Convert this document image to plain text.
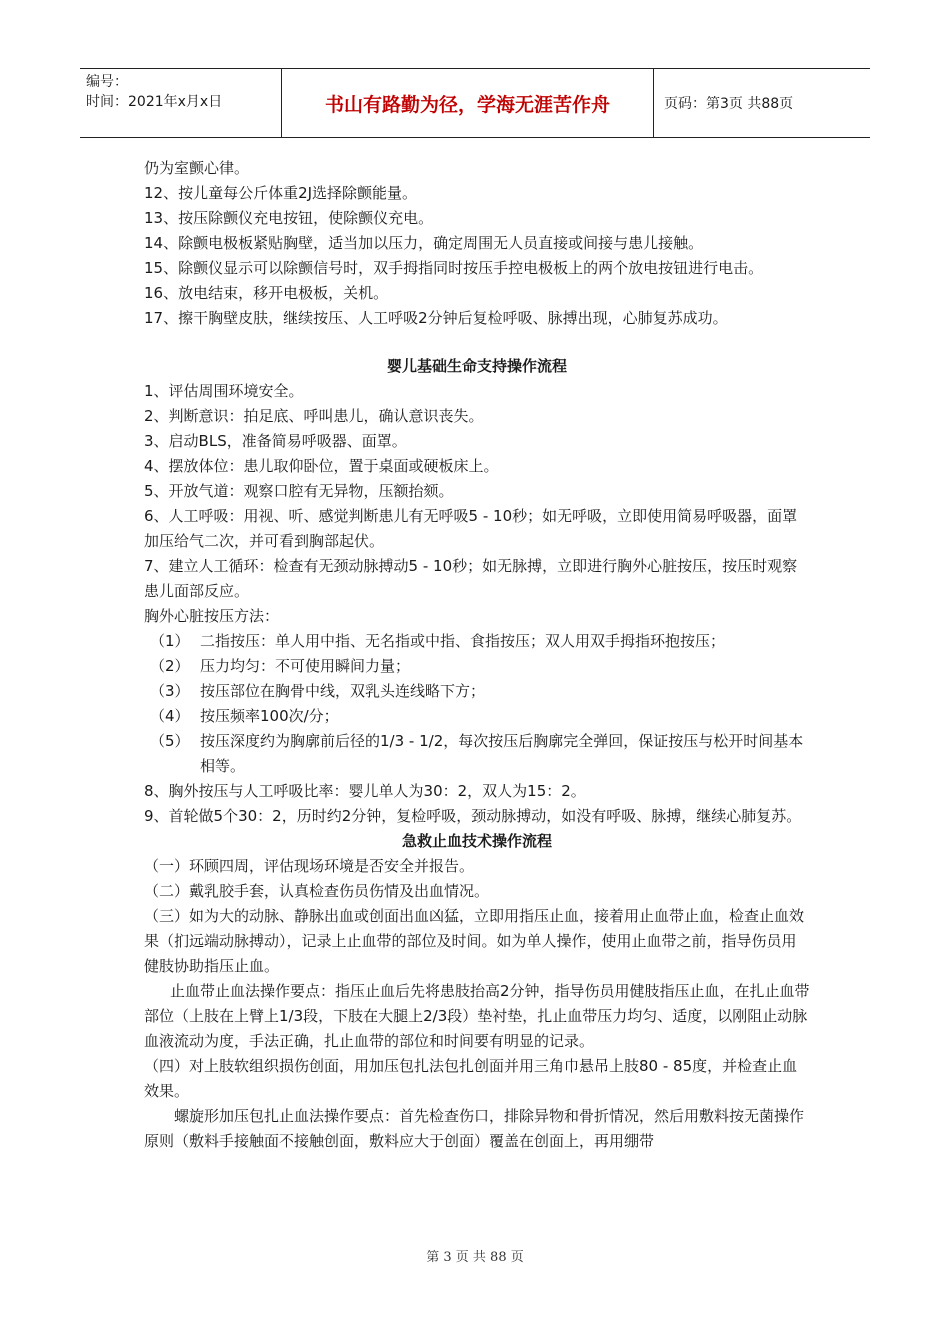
编号：
时间：2021年x月x日	书山有路勤为径，学海无涯苦作舟	页码：第3页 共88页

仍为室颤心律。

12、按儿童每公斤体重2J选择除颤能量。

13、按压除颤仪充电按钮，使除颤仪充电。

14、除颤电极板紧贴胸壁，适当加以压力，确定周围无人员直接或间接与患儿接触。

15、除颤仪显示可以除颤信号时，双手拇指同时按压手控电极板上的两个放电按钮进行电击。

16、放电结束，移开电极板，关机。

17、擦干胸壁皮肤，继续按压、人工呼吸2分钟后复检呼吸、脉搏出现，心肺复苏成功。

婴儿基础生命支持操作流程

1、评估周围环境安全。

2、判断意识：拍足底、呼叫患儿，确认意识丧失。

3、启动BLS，准备简易呼吸器、面罩。

4、摆放体位：患儿取仰卧位，置于桌面或硬板床上。

5、开放气道：观察口腔有无异物，压额抬颏。

6、人工呼吸：用视、听、感觉判断患儿有无呼吸5 - 10秒；如无呼吸，立即使用简易呼吸器，面罩加压给气二次，并可看到胸部起伏。

7、建立人工循环：检查有无颈动脉搏动5 - 10秒；如无脉搏，立即进行胸外心脏按压，按压时观察患儿面部反应。

胸外心脏按压方法：

（1） 二指按压：单人用中指、无名指或中指、食指按压；双人用双手拇指环抱按压；
（2） 压力均匀：不可使用瞬间力量；
（3） 按压部位在胸骨中线，双乳头连线略下方；
（4） 按压频率100次/分；
（5） 按压深度约为胸廓前后径的1/3 - 1/2，每次按压后胸廓完全弹回，保证按压与松开时间基本相等。

8、胸外按压与人工呼吸比率：婴儿单人为30：2，双人为15：2。

9、首轮做5个30：2，历时约2分钟，复检呼吸，颈动脉搏动，如没有呼吸、脉搏，继续心肺复苏。

急救止血技术操作流程

（一）环顾四周，评估现场环境是否安全并报告。

（二）戴乳胶手套，认真检查伤员伤情及出血情况。

（三）如为大的动脉、静脉出血或创面出血凶猛，立即用指压止血，接着用止血带止血，检查止血效果（扪远端动脉搏动），记录上止血带的部位及时间。如为单人操作，使用止血带之前，指导伤员用健肢协助指压止血。

止血带止血法操作要点：指压止血后先将患肢抬高2分钟，指导伤员用健肢指压止血，在扎止血带部位（上肢在上臂上1/3段，下肢在大腿上2/3段）垫衬垫，扎止血带压力均匀、适度，以刚阻止动脉血液流动为度，手法正确，扎止血带的部位和时间要有明显的记录。

（四）对上肢软组织损伤创面，用加压包扎法包扎创面并用三角巾悬吊上肢80 - 85度，并检查止血效果。

螺旋形加压包扎止血法操作要点：首先检查伤口，排除异物和骨折情况，然后用敷料按无菌操作原则（敷料手接触面不接触创面，敷料应大于创面）覆盖在创面上，再用绷带

第 3 页 共 88 页
